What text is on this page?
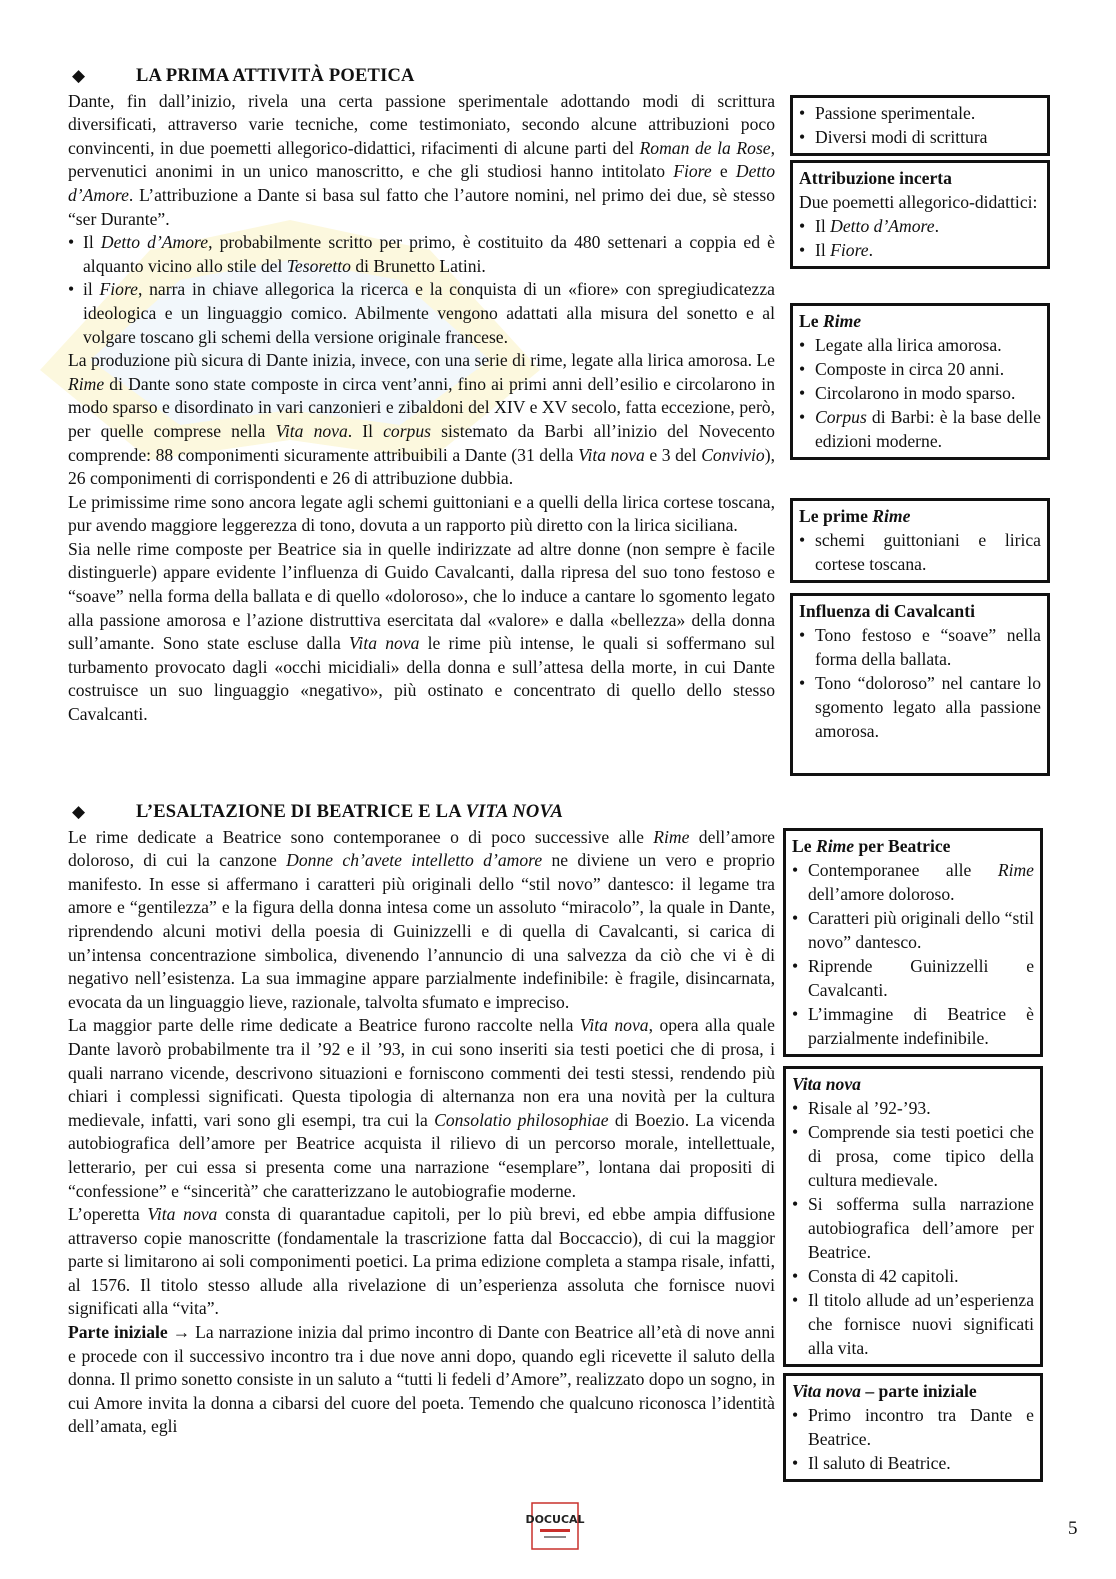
◆	LA PRIMA ATTIVITÀ POETICA

Dante, fin dall’inizio, rivela una certa passione sperimentale adottando modi di scrittura diversificati, attraverso varie tecniche, come testimoniato, secondo alcune attribuzioni poco convincenti, in due poemetti allegorico-didattici, rifacimenti di alcune parti del Roman de la Rose, pervenutici anonimi in un unico manoscritto, e che gli studiosi hanno intitolato Fiore e Detto d’Amore. L’attribuzione a Dante si basa sul fatto che l’autore nomini, nel primo dei due, sè stesso “ser Durante”.

• Il Detto d’Amore, probabilmente scritto per primo, è costituito da 480 settenari a coppia ed è alquanto vicino allo stile del Tesoretto di Brunetto Latini.

• il Fiore, narra in chiave allegorica la ricerca e la conquista di un «fiore» con spregiudicatezza ideologica e un linguaggio comico. Abilmente vengono adattati alla misura del sonetto e al volgare toscano gli schemi della versione originale francese.

La produzione più sicura di Dante inizia, invece, con una serie di rime, legate alla lirica amorosa. Le Rime di Dante sono state composte in circa vent’anni, fino ai primi anni dell’esilio e circolarono in modo sparso e disordinato in vari canzonieri e zibaldoni del XIV e XV secolo, fatta eccezione, però, per quelle comprese nella Vita nova. Il corpus sistemato da Barbi all’inizio del Novecento comprende: 88 componimenti sicuramente attribuibili a Dante (31 della Vita nova e 3 del Convivio), 26 componimenti di corrispondenti e 26 di attribuzione dubbia.

Le primissime rime sono ancora legate agli schemi guittoniani e a quelli della lirica cortese toscana, pur avendo maggiore leggerezza di tono, dovuta a un rapporto più diretto con la lirica siciliana.

Sia nelle rime composte per Beatrice sia in quelle indirizzate ad altre donne (non sempre è facile distinguerle) appare evidente l’influenza di Guido Cavalcanti, dalla ripresa del suo tono festoso e “soave” nella forma della ballata e di quello «doloroso», che lo induce a cantare lo sgomento legato alla passione amorosa e l’azione distruttiva esercitata dal «valore» e dalla «bellezza» della donna sull’amante. Sono state escluse dalla Vita nova le rime più intense, le quali si soffermano sul turbamento provocato dagli «occhi micidiali» della donna e sull’attesa della morte, in cui Dante costruisce un suo linguaggio «negativo», più ostinato e concentrato di quello dello stesso Cavalcanti.

◆	L’ESALTAZIONE DI BEATRICE E LA VITA NOVA

Le rime dedicate a Beatrice sono contemporanee o di poco successive alle Rime dell’amore doloroso, di cui la canzone Donne ch’avete intelletto d’amore ne diviene un vero e proprio manifesto. In esse si affermano i caratteri più originali dello “stil novo” dantesco: il legame tra amore e “gentilezza” e la figura della donna intesa come un assoluto “miracolo”, la quale in Dante, riprendendo alcuni motivi della poesia di Guinizzelli e di quella di Cavalcanti, si carica di un’intensa concentrazione simbolica, divenendo l’annuncio di una salvezza da ciò che vi è di negativo nell’esistenza. La sua immagine appare parzialmente indefinibile: è fragile, disincarnata, evocata da un linguaggio lieve, razionale, talvolta sfumato e impreciso.

La maggior parte delle rime dedicate a Beatrice furono raccolte nella Vita nova, opera alla quale Dante lavorò probabilmente tra il ’92 e il ’93, in cui sono inseriti sia testi poetici che di prosa, i quali narrano vicende, descrivono situazioni e forniscono commenti dei testi stessi, rendendo più chiari i complessi significati. Questa tipologia di alternanza non era una novità per la cultura medievale, infatti, vari sono gli esempi, tra cui la Consolatio philosophiae di Boezio. La vicenda autobiografica dell’amore per Beatrice acquista il rilievo di un percorso morale, intellettuale, letterario, per cui essa si presenta come una narrazione “esemplare”, lontana dai propositi di “confessione” e “sincerità” che caratterizzano le autobiografie moderne.

L’operetta Vita nova consta di quarantadue capitoli, per lo più brevi, ed ebbe ampia diffusione attraverso copie manoscritte (fondamentale la trascrizione fatta dal Boccaccio), di cui la maggior parte si limitarono ai soli componimenti poetici. La prima edizione completa a stampa risale, infatti, al 1576. Il titolo stesso allude alla rivelazione di un’esperienza assoluta che fornisce nuovi significati alla “vita”.

Parte iniziale → La narrazione inizia dal primo incontro di Dante con Beatrice all’età di nove anni e procede con il successivo incontro tra i due nove anni dopo, quando egli ricevette il saluto della donna. Il primo sonetto consiste in un saluto a “tutti li fedeli d’Amore”, realizzato dopo un sogno, in cui Amore invita la donna a cibarsi del cuore del poeta. Temendo che qualcuno riconosca l’identità dell’amata, egli

• Passione sperimentale.

• Diversi modi di scrittura

Attribuzione incerta

Due poemetti allegorico-didattici:

• Il Detto d’Amore.

• Il Fiore.

Le Rime

• Legate alla lirica amorosa.

• Composte in circa 20 anni.

• Circolarono in modo sparso.

• Corpus di Barbi: è la base delle edizioni moderne.

Le prime Rime

• schemi guittoniani e lirica cortese toscana.

Influenza di Cavalcanti

• Tono festoso e “soave” nella forma della ballata.

• Tono “doloroso” nel cantare lo sgomento legato alla passione amorosa.

Le Rime per Beatrice

• Contemporanee alle Rime dell’amore doloroso.

• Caratteri più originali dello “stil novo” dantesco.

• Riprende Guinizzelli e Cavalcanti.

• L’immagine di Beatrice è parzialmente indefinibile.

Vita nova

• Risale al ’92-’93.

• Comprende sia testi poetici che di prosa, come tipico della cultura medievale.

• Si sofferma sulla narrazione autobiografica dell’amore per Beatrice.

• Consta di 42 capitoli.

• Il titolo allude ad un’esperienza che fornisce nuovi significati alla vita.

Vita nova – parte iniziale

• Primo incontro tra Dante e Beatrice.

• Il saluto di Beatrice.

DOCUCAL	5
